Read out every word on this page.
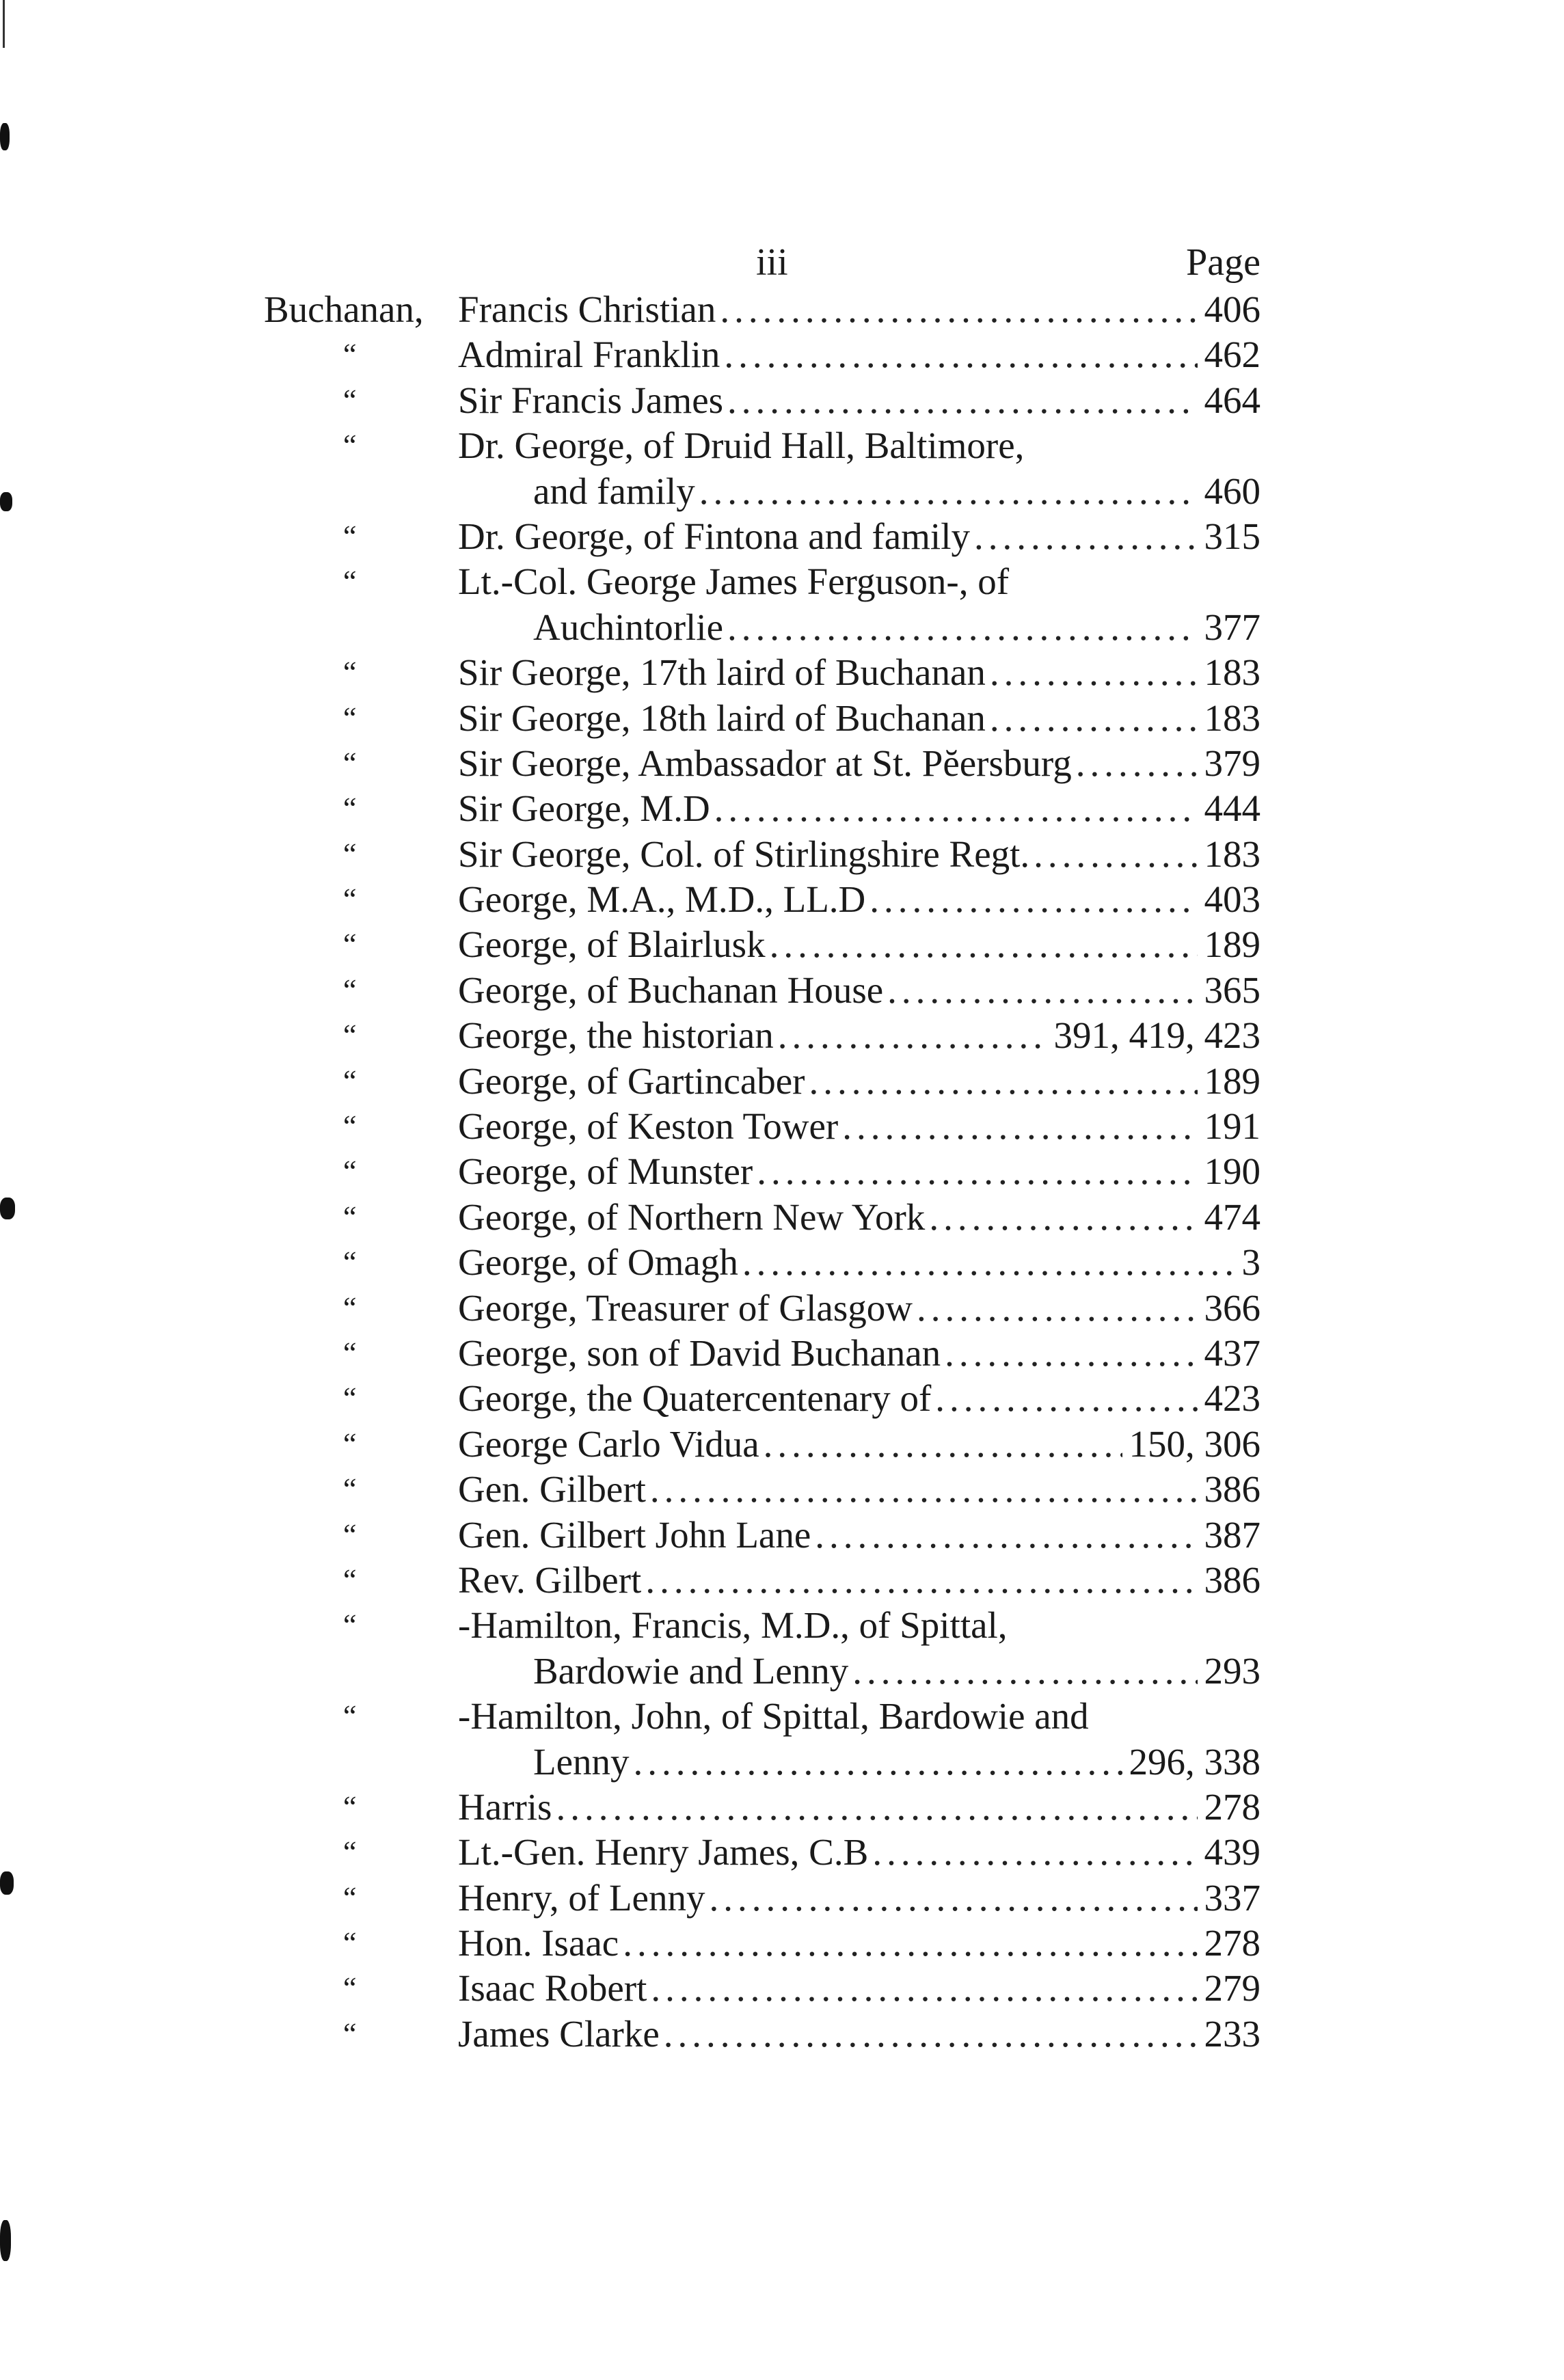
iii	Page
Buchanan, Francis Christian .....	406
“	Admiral Franklin .....	462
“	Sir Francis James .....	464
“	Dr. George, of Druid Hall, Baltimore,
and family .....	460
“	Dr. George, of Fintona and family .....	315
“	Lt.-Col. George James Ferguson-, of
Auchintorlie .....	377
“	Sir George, 17th laird of Buchanan .....	183
“	Sir George, 18th laird of Buchanan .....	183
“	Sir George, Ambassador at St. Pĕersburg .....	379
“	Sir George, M.D .....	444
“	Sir George, Col. of Stirlingshire Regt. .....	183
“	George, M.A., M.D., LL.D .....	403
“	George, of Blairlusk .....	189
“	George, of Buchanan House .....	365
“	George, the historian .....	391, 419, 423
“	George, of Gartincaber .....	189
“	George, of Keston Tower .....	191
“	George, of Munster .....	190
“	George, of Northern New York .....	474
“	George, of Omagh .....	3
“	George, Treasurer of Glasgow .....	366
“	George, son of David Buchanan .....	437
“	George, the Quatercentenary of .....	423
“	George Carlo Vidua .....	150, 306
“	Gen. Gilbert .....	386
“	Gen. Gilbert John Lane .....	387
“	Rev. Gilbert .....	386
“	-Hamilton, Francis, M.D., of Spittal,
Bardowie and Lenny .....	293
“	-Hamilton, John, of Spittal, Bardowie and
Lenny .....	296, 338
“	Harris .....	278
“	Lt.-Gen. Henry James, C.B .....	439
“	Henry, of Lenny .....	337
“	Hon. Isaac .....	278
“	Isaac Robert .....	279
“	James Clarke .....	233
